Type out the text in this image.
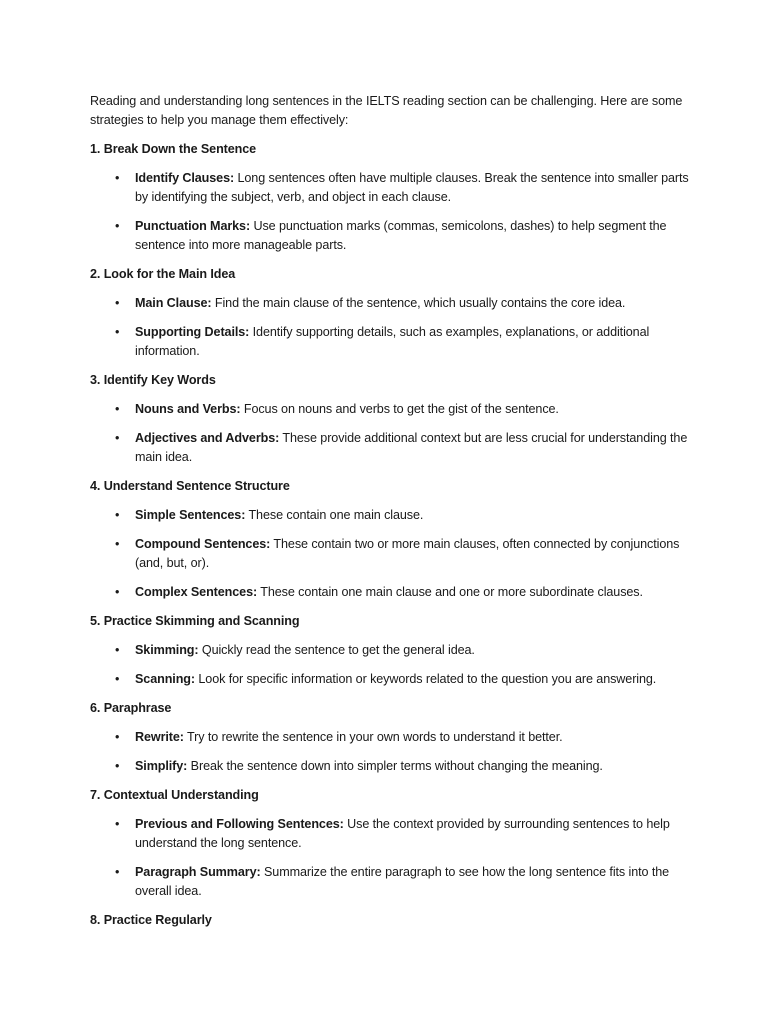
Reading and understanding long sentences in the IELTS reading section can be challenging. Here are some strategies to help you manage them effectively:

1. Break Down the Sentence
• Identify Clauses: Long sentences often have multiple clauses. Break the sentence into smaller parts by identifying the subject, verb, and object in each clause.
• Punctuation Marks: Use punctuation marks (commas, semicolons, dashes) to help segment the sentence into more manageable parts.
2. Look for the Main Idea
• Main Clause: Find the main clause of the sentence, which usually contains the core idea.
• Supporting Details: Identify supporting details, such as examples, explanations, or additional information.
3. Identify Key Words
• Nouns and Verbs: Focus on nouns and verbs to get the gist of the sentence.
• Adjectives and Adverbs: These provide additional context but are less crucial for understanding the main idea.
4. Understand Sentence Structure
• Simple Sentences: These contain one main clause.
• Compound Sentences: These contain two or more main clauses, often connected by conjunctions (and, but, or).
• Complex Sentences: These contain one main clause and one or more subordinate clauses.
5. Practice Skimming and Scanning
• Skimming: Quickly read the sentence to get the general idea.
• Scanning: Look for specific information or keywords related to the question you are answering.
6. Paraphrase
• Rewrite: Try to rewrite the sentence in your own words to understand it better.
• Simplify: Break the sentence down into simpler terms without changing the meaning.
7. Contextual Understanding
• Previous and Following Sentences: Use the context provided by surrounding sentences to help understand the long sentence.
• Paragraph Summary: Summarize the entire paragraph to see how the long sentence fits into the overall idea.
8. Practice Regularly
